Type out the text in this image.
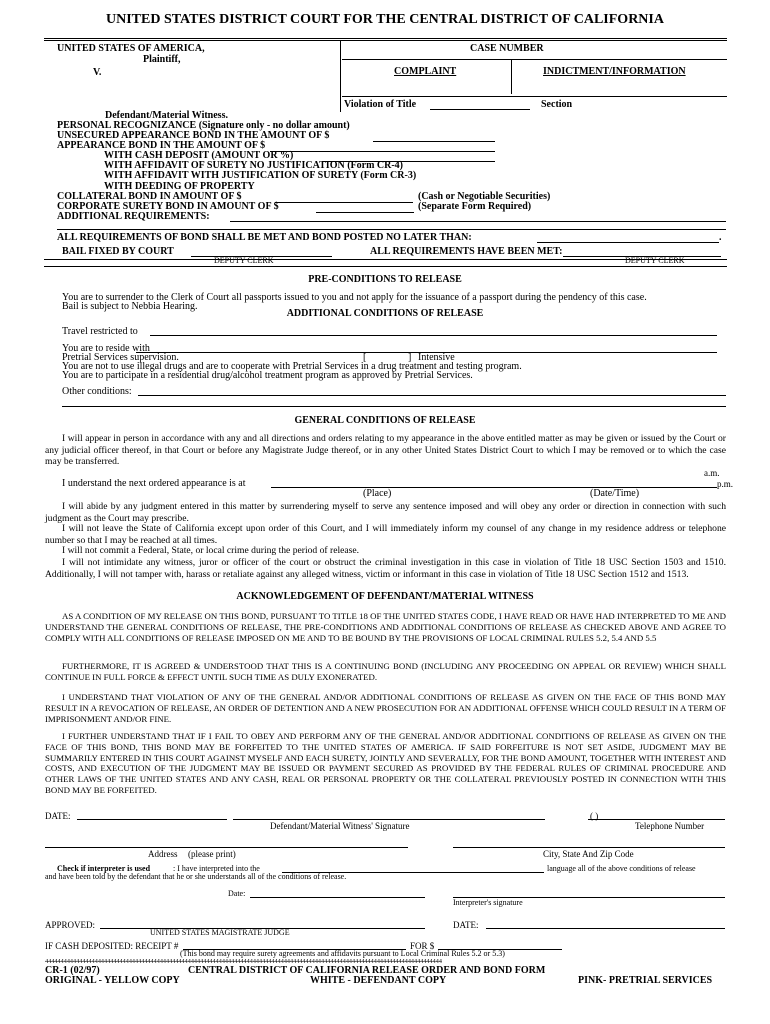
UNITED STATES DISTRICT COURT FOR THE CENTRAL DISTRICT OF CALIFORNIA
UNITED STATES OF AMERICA,
Plaintiff,
V.
Defendant/Material Witness.
CASE NUMBER
COMPLAINT	INDICTMENT/INFORMATION
Violation of Title	Section
PERSONAL RECOGNIZANCE (Signature only - no dollar amount)
UNSECURED APPEARANCE BOND IN THE AMOUNT OF $
APPEARANCE BOND IN THE AMOUNT OF $
WITH CASH DEPOSIT (AMOUNT OR %)
WITH AFFIDAVIT OF SURETY NO JUSTIFICATION (Form CR-4)
WITH AFFIDAVIT WITH JUSTIFICATION OF SURETY (Form CR-3)
WITH DEEDING OF PROPERTY
COLLATERAL BOND IN AMOUNT OF $	(Cash or Negotiable Securities)
CORPORATE SURETY BOND IN AMOUNT OF $	(Separate Form Required)
ADDITIONAL REQUIREMENTS:
ALL REQUIREMENTS OF BOND SHALL BE MET AND BOND POSTED NO LATER THAN:	.
BAIL FIXED BY COURT	ALL REQUIREMENTS HAVE BEEN MET:
DEPUTY CLERK	DEPUTY CLERK
PRE-CONDITIONS TO RELEASE
You are to surrender to the Clerk of Court all passports issued to you and not apply for the issuance of a passport during the pendency of this case.
Bail is subject to Nebbia Hearing.
ADDITIONAL CONDITIONS OF RELEASE
Travel restricted to
You are to reside with
Pretrial Services supervision.	[	] Intensive
You are not to use illegal drugs and are to cooperate with Pretrial Services in a drug treatment and testing program.
You are to participate in a residential drug/alcohol treatment program as approved by Pretrial Services.
Other conditions:
GENERAL CONDITIONS OF RELEASE
I will appear in person in accordance with any and all directions and orders relating to my appearance in the above entitled matter as may be given or issued by the Court or any judicial officer thereof, in that Court or before any Magistrate Judge thereof, or in any other United States District Court to which I may be removed or to which the case may be transferred.
a.m.
I understand the next ordered appearance is at	p.m.
(Place)	(Date/Time)
I will abide by any judgment entered in this matter by surrendering myself to serve any sentence imposed and will obey any order or direction in connection with such judgment as the Court may prescribe.
I will not leave the State of California except upon order of this Court, and I will immediately inform my counsel of any change in my residence address or telephone number so that I may be reached at all times.
I will not commit a Federal, State, or local crime during the period of release.
I will not intimidate any witness, juror or officer of the court or obstruct the criminal investigation in this case in violation of Title 18 USC Section 1503 and 1510. Additionally, I will not tamper with, harass or retaliate against any alleged witness, victim or informant in this case in violation of Title 18 USC Section 1512 and 1513.
ACKNOWLEDGEMENT OF DEFENDANT/MATERIAL WITNESS
AS A CONDITION OF MY RELEASE ON THIS BOND, PURSUANT TO TITLE 18 OF THE UNITED STATES CODE, I HAVE READ OR HAVE HAD INTERPRETED TO ME AND UNDERSTAND THE GENERAL CONDITIONS OF RELEASE, THE PRE-CONDITIONS AND ADDITIONAL CONDITIONS OF RELEASE AS CHECKED ABOVE AND AGREE TO COMPLY WITH ALL CONDITIONS OF RELEASE IMPOSED ON ME AND TO BE BOUND BY THE PROVISIONS OF LOCAL CRIMINAL RULES 5.2, 5.4 AND 5.5
FURTHERMORE, IT IS AGREED & UNDERSTOOD THAT THIS IS A CONTINUING BOND (INCLUDING ANY PROCEEDING ON APPEAL OR REVIEW) WHICH SHALL CONTINUE IN FULL FORCE & EFFECT UNTIL SUCH TIME AS DULY EXONERATED.
I UNDERSTAND THAT VIOLATION OF ANY OF THE GENERAL AND/OR ADDITIONAL CONDITIONS OF RELEASE AS GIVEN ON THE FACE OF THIS BOND MAY RESULT IN A REVOCATION OF RELEASE, AN ORDER OF DETENTION AND A NEW PROSECUTION FOR AN ADDITIONAL OFFENSE WHICH COULD RESULT IN A TERM OF IMPRISONMENT AND/OR FINE.
I FURTHER UNDERSTAND THAT IF I FAIL TO OBEY AND PERFORM ANY OF THE GENERAL AND/OR ADDITIONAL CONDITIONS OF RELEASE AS GIVEN ON THE FACE OF THIS BOND, THIS BOND MAY BE FORFEITED TO THE UNITED STATES OF AMERICA. IF SAID FORFEITURE IS NOT SET ASIDE, JUDGMENT MAY BE SUMMARILY ENTERED IN THIS COURT AGAINST MYSELF AND EACH SURETY, JOINTLY AND SEVERALLY, FOR THE BOND AMOUNT, TOGETHER WITH INTEREST AND COSTS, AND EXECUTION OF THE JUDGMENT MAY BE ISSUED OR PAYMENT SECURED AS PROVIDED BY THE FEDERAL RULES OF CRIMINAL PROCEDURE AND OTHER LAWS OF THE UNITED STATES AND ANY CASH, REAL OR PERSONAL PROPERTY OR THE COLLATERAL PREVIOUSLY POSTED IN CONNECTION WITH THIS BOND MAY BE FORFEITED.
DATE:
Defendant/Material Witness' Signature
( )
Telephone Number
Address (please print)	City, State And Zip Code
Check if interpreter is used	: I have interpreted into the	language all of the above conditions of release
and have been told by the defendant that he or she understands all of the conditions of release.
Date:
Interpreter's signature
APPROVED:
UNITED STATES MAGISTRATE JUDGE
DATE:
IF CASH DEPOSITED: RECEIPT #	FOR $
(This bond may require surety agreements and affidavits pursuant to Local Criminal Rules 5.2 or 5.3)
44444444444444444444444444444444444444444444444444444444444444444444444444444444444444444444444444444444444444444444444444444444
CR-1 (02/97)	CENTRAL DISTRICT OF CALIFORNIA RELEASE ORDER AND BOND FORM
ORIGINAL - YELLOW COPY	WHITE - DEFENDANT COPY	PINK- PRETRIAL SERVICES
